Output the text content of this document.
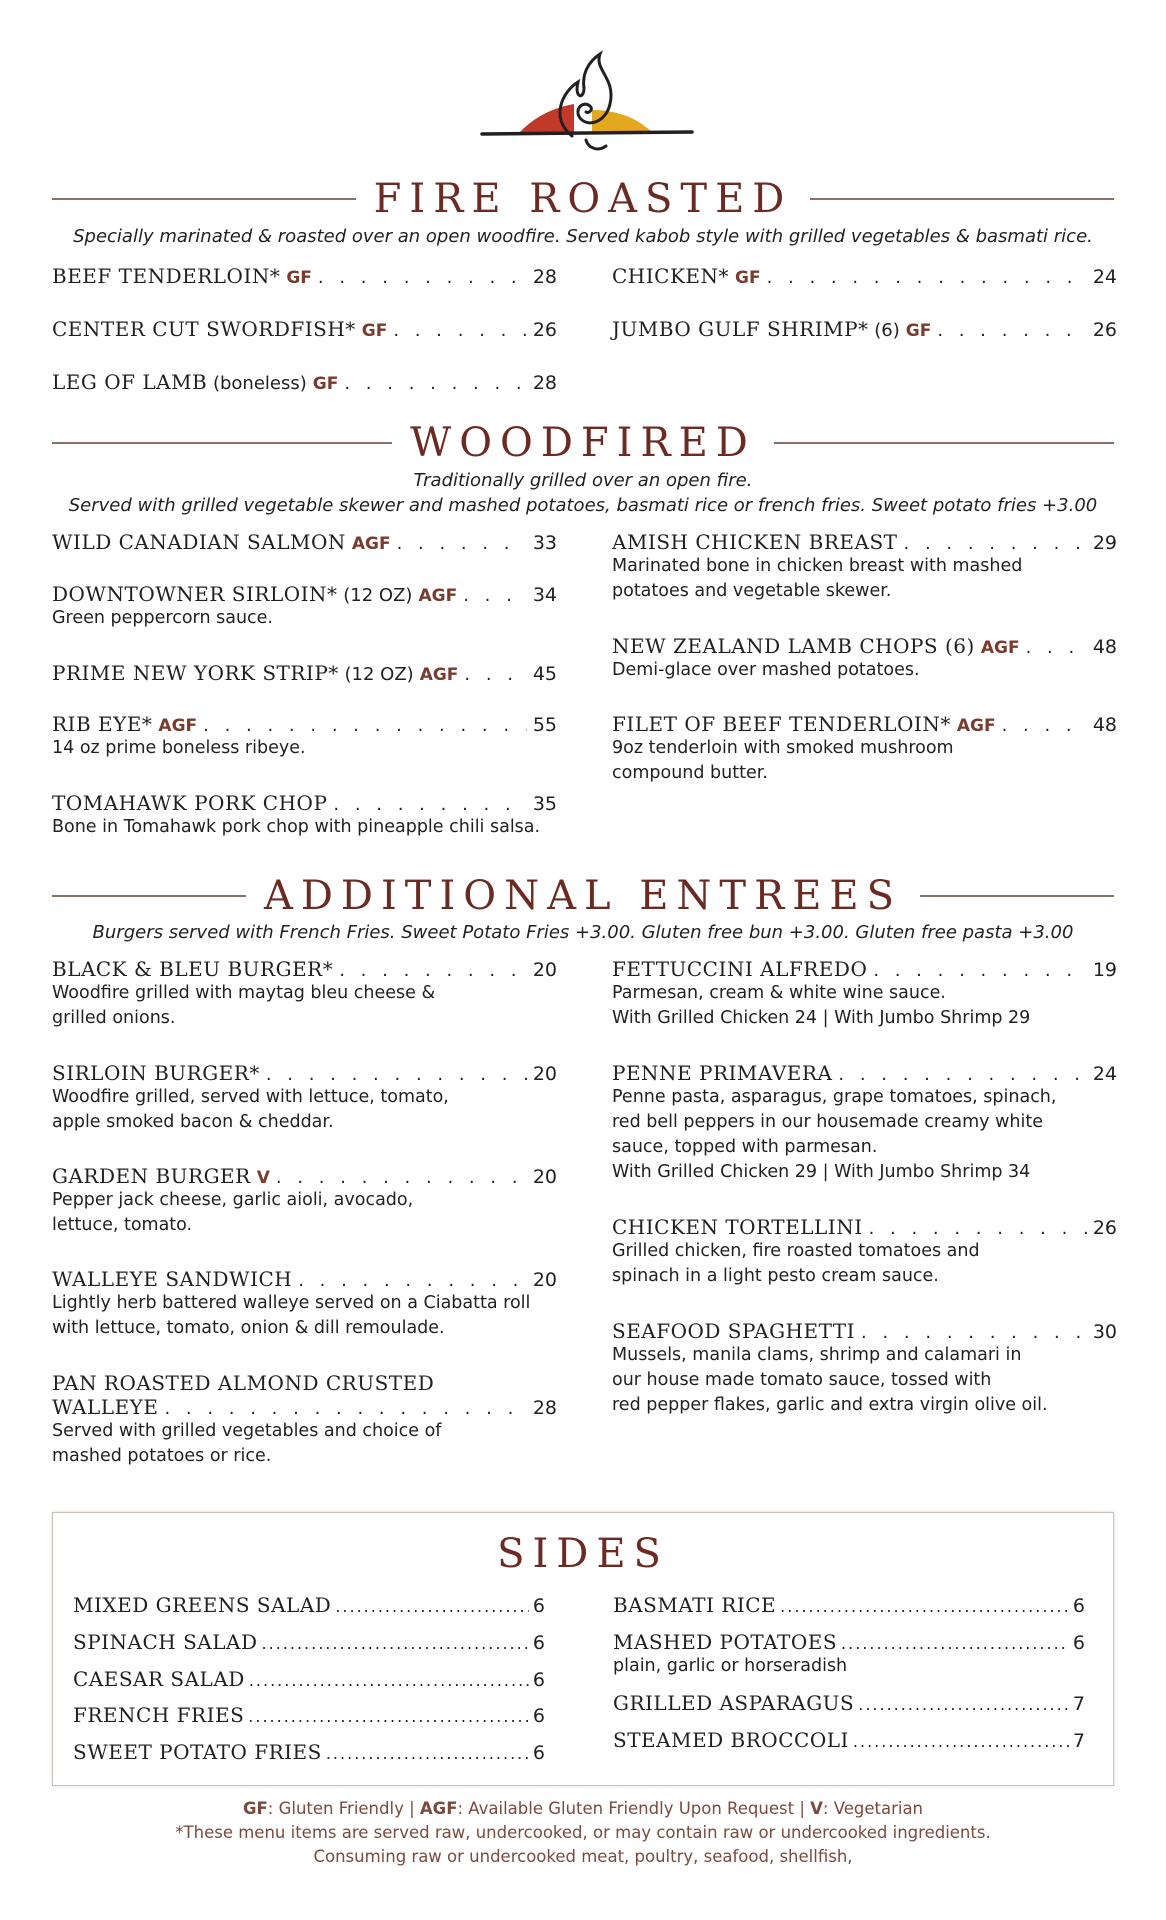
FIRE ROASTED
Specially marinated & roasted over an open woodfire. Served kabob style with grilled vegetables & basmati rice.
BEEF TENDERLOIN* GF . . .	28	CHICKEN* GF . . .	24
CENTER CUT SWORDFISH* GF . . .	26	JUMBO GULF SHRIMP* (6) GF . . .	26
LEG OF LAMB (boneless) GF . . .	28
WOODFIRED
Traditionally grilled over an open fire.
Served with grilled vegetable skewer and mashed potatoes, basmati rice or french fries. Sweet potato fries +3.00
WILD CANADIAN SALMON AGF . . .	33	AMISH CHICKEN BREAST . . .	29
Marinated bone in chicken breast with mashed
potatoes and vegetable skewer.
DOWNTOWNER SIRLOIN* (12 OZ) AGF . . .	34
Green peppercorn sauce.
NEW ZEALAND LAMB CHOPS (6) AGF . . .	48
Demi-glace over mashed potatoes.
PRIME NEW YORK STRIP* (12 OZ) AGF . . .	45
RIB EYE* AGF . . .	55
14 oz prime boneless ribeye.
FILET OF BEEF TENDERLOIN* AGF . . .	48
9oz tenderloin with smoked mushroom
compound butter.
TOMAHAWK PORK CHOP . . .	35
Bone in Tomahawk pork chop with pineapple chili salsa.
ADDITIONAL ENTREES
Burgers served with French Fries. Sweet Potato Fries +3.00. Gluten free bun +3.00. Gluten free pasta +3.00
BLACK & BLEU BURGER* . . .	20
Woodfire grilled with maytag bleu cheese &
grilled onions.
FETTUCCINI ALFREDO . . .	19
Parmesan, cream & white wine sauce.
With Grilled Chicken 24 | With Jumbo Shrimp 29
SIRLOIN BURGER* . . .	20
Woodfire grilled, served with lettuce, tomato,
apple smoked bacon & cheddar.
PENNE PRIMAVERA . . .	24
Penne pasta, asparagus, grape tomatoes, spinach,
red bell peppers in our housemade creamy white
sauce, topped with parmesan.
With Grilled Chicken 29 | With Jumbo Shrimp 34
GARDEN BURGER V . . .	20
Pepper jack cheese, garlic aioli, avocado,
lettuce, tomato.	CHICKEN TORTELLINI . . .	26
Grilled chicken, fire roasted tomatoes and
spinach in a light pesto cream sauce.
WALLEYE SANDWICH . . .	20
Lightly herb battered walleye served on a Ciabatta roll
with lettuce, tomato, onion & dill remoulade.	SEAFOOD SPAGHETTI . . .	30
Mussels, manila clams, shrimp and calamari in
our house made tomato sauce, tossed with
red pepper flakes, garlic and extra virgin olive oil.
PAN ROASTED ALMOND CRUSTED
WALLEYE . . .	28
Served with grilled vegetables and choice of
mashed potatoes or rice.
SIDES
MIXED GREENS SALAD .....	6	BASMATI RICE .....	6
SPINACH SALAD .....	6	MASHED POTATOES .....	6
plain, garlic or horseradish
CAESAR SALAD .....	6
GRILLED ASPARAGUS .....	7
FRENCH FRIES .....	6
STEAMED BROCCOLI .....	7
SWEET POTATO FRIES .....	6
GF: Gluten Friendly | AGF: Available Gluten Friendly Upon Request | V: Vegetarian
*These menu items are served raw, undercooked, or may contain raw or undercooked ingredients.
Consuming raw or undercooked meat, poultry, seafood, shellfish,
